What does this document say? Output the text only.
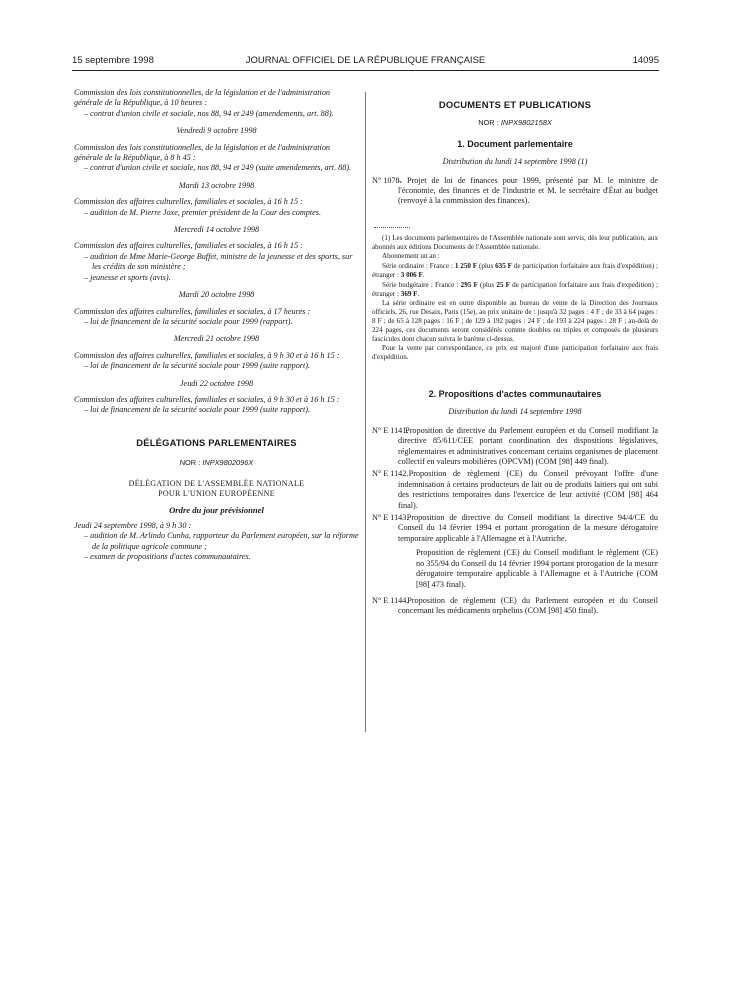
15 septembre 1998	JOURNAL OFFICIEL DE LA RÉPUBLIQUE FRANÇAISE	14095

Commission des lois constitutionnelles, de la législation et de l'administration générale de la République, à 10 heures :

– contrat d'union civile et sociale, nos 88, 94 et 249 (amendements, art. 88).

Vendredi 9 octobre 1998

Commission des lois constitutionnelles, de la législation et de l'administration générale de la République, à 8 h 45 :

– contrat d'union civile et sociale, nos 88, 94 et 249 (suite amendements, art. 88).

Mardi 13 octobre 1998

Commission des affaires culturelles, familiales et sociales, à 16 h 15 :

– audition de M. Pierre Joxe, premier président de la Cour des comptes.

Mercredi 14 octobre 1998

Commission des affaires culturelles, familiales et sociales, à 16 h 15 :

– audition de Mme Marie-George Buffet, ministre de la jeunesse et des sports, sur les crédits de son ministère ;
– jeunesse et sports (avis).

Mardi 20 octobre 1998

Commission des affaires culturelles, familiales et sociales, à 17 heures :

– loi de financement de la sécurité sociale pour 1999 (rapport).

Mercredi 21 octobre 1998

Commission des affaires culturelles, familiales et sociales, à 9 h 30 et à 16 h 15 :

– loi de financement de la sécurité sociale pour 1999 (suite rapport).

Jeudi 22 octobre 1998

Commission des affaires culturelles, familiales et sociales, à 9 h 30 et à 16 h 15 :

– loi de financement de la sécurité sociale pour 1999 (suite rapport).

DÉLÉGATIONS PARLEMENTAIRES

NOR : INPX9802096X

DÉLÉGATION DE L'ASSEMBLÉE NATIONALE
POUR L'UNION EUROPÉENNE

Ordre du jour prévisionnel

Jeudi 24 septembre 1998, à 9 h 30 :

– audition de M. Arlindo Cunha, rapporteur du Parlement européen, sur la réforme de la politique agricole commune ;
– examen de propositions d'actes communautaires.

DOCUMENTS ET PUBLICATIONS

NOR : INPX9802158X

1. Document parlementaire

Distribution du lundi 14 septembre 1998 (1)

N° 1078.
– Projet de loi de finances pour 1999, présenté par M. le ministre de l'économie, des finances et de l'industrie et M. le secrétaire d'État au budget (renvoyé à la commission des finances).

(1) Les documents parlementaires de l'Assemblée nationale sont servis, dès leur publication, aux abonnés aux éditions Documents de l'Assemblée nationale.

Abonnement un an :

Série ordinaire : France : 1 250 F (plus 635 F de participation forfaitaire aux frais d'expédition) ; étranger : 3 006 F.

Série budgétaire : France : 295 F (plus 25 F de participation forfaitaire aux frais d'expédition) ; étranger : 369 F.

La série ordinaire est en outre disponible au bureau de vente de la Direction des Journaux officiels, 26, rue Desaix, Paris (15e), au prix unitaire de : jusqu'à 32 pages : 4 F ; de 33 à 64 pages : 8 F ; de 65 à 128 pages : 16 F ; de 129 à 192 pages : 24 F ; de 193 à 224 pages : 28 F ; au-delà de 224 pages, ces documents seront considérés comme doubles ou triples et composés de plusieurs fascicules dont chacun suivra le barème ci-dessus.

Pour la vente par correspondance, ce prix est majoré d'une participation forfaitaire aux frais d'expédition.

2. Propositions d'actes communautaires

Distribution du lundi 14 septembre 1998

N° E 1141.
– Proposition de directive du Parlement européen et du Conseil modifiant la directive 85/611/CEE portant coordination des dispositions législatives, réglementaires et administratives concernant certains organismes de placement collectif en valeurs mobilières (OPCVM) (COM [98] 449 final).
N° E 1142.
– Proposition de règlement (CE) du Conseil prévoyant l'offre d'une indemnisation à certains producteurs de lait ou de produits laitiers qui ont subi des restrictions temporaires dans l'exercice de leur activité (COM [98] 464 final).
N° E 1143.
– Proposition de directive du Conseil modifiant la directive 94/4/CE du Conseil du 14 février 1994 et portant prorogation de la mesure dérogatoire temporaire applicable à l'Allemagne et à l'Autriche.

Proposition de règlement (CE) du Conseil modifiant le règlement (CE) no 355/94 du Conseil du 14 février 1994 portant prorogation de la mesure dérogatoire temporaire applicable à l'Allemagne et à l'Autriche (COM [98] 473 final).

N° E 1144.
– Proposition de règlement (CE) du Parlement européen et du Conseil concernant les médicaments orphelins (COM [98] 450 final).
